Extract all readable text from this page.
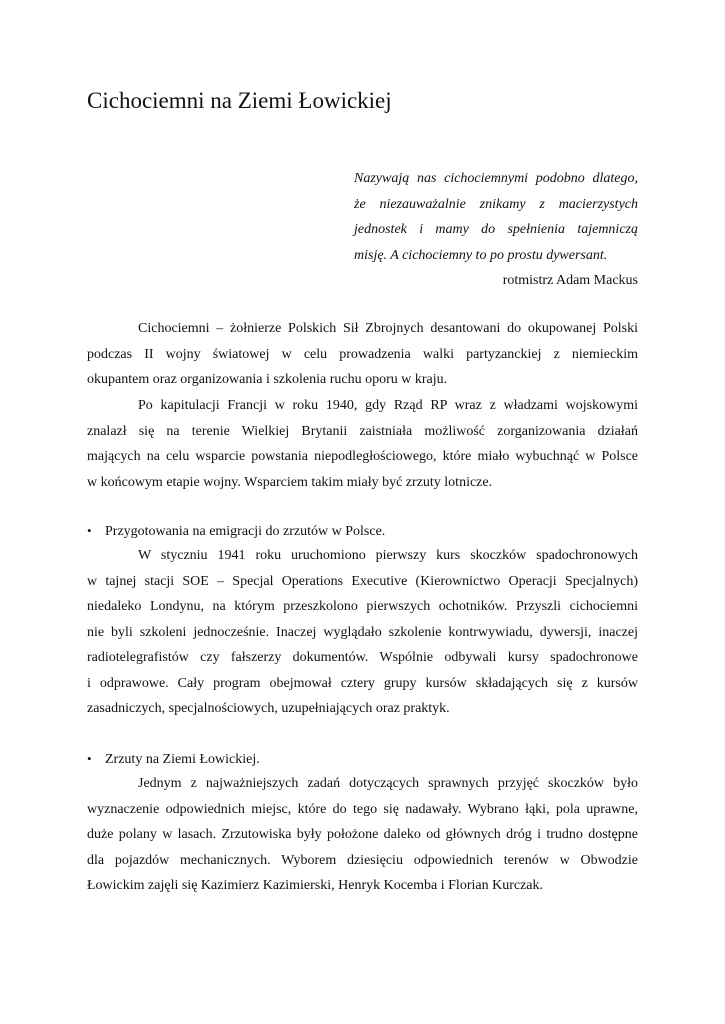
Cichociemni na Ziemi Łowickiej
Nazywają nas cichociemnymi podobno dlatego,
że niezauważalnie znikamy z macierzystych
jednostek i mamy do spełnienia tajemniczą
misję. A cichociemny to po prostu dywersant.
rotmistrz Adam Mackus
Cichociemni – żołnierze Polskich Sił Zbrojnych desantowani do okupowanej Polski
podczas II wojny światowej w celu prowadzenia walki partyzanckiej z niemieckim
okupantem oraz organizowania i szkolenia ruchu oporu w kraju.
Po kapitulacji Francji w roku 1940, gdy Rząd RP wraz z władzami wojskowymi
znalazł się na terenie Wielkiej Brytanii zaistniała możliwość zorganizowania działań
mających na celu wsparcie powstania niepodległościowego, które miało wybuchnąć w Polsce
w końcowym etapie wojny. Wsparciem takim miały być zrzuty lotnicze.
• Przygotowania na emigracji do zrzutów w Polsce.
W styczniu 1941 roku uruchomiono pierwszy kurs skoczków spadochronowych
w tajnej stacji SOE – Specjal Operations Executive (Kierownictwo Operacji Specjalnych)
niedaleko Londynu, na którym przeszkolono pierwszych ochotników. Przyszli cichociemni
nie byli szkoleni jednocześnie. Inaczej wyglądało szkolenie kontrwywiadu, dywersji, inaczej
radiotelegrafistów czy fałszerzy dokumentów. Wspólnie odbywali kursy spadochronowe
i odprawowe. Cały program obejmował cztery grupy kursów składających się z kursów
zasadniczych, specjalnościowych, uzupełniających oraz praktyk.
• Zrzuty na Ziemi Łowickiej.
Jednym z najważniejszych zadań dotyczących sprawnych przyjęć skoczków było
wyznaczenie odpowiednich miejsc, które do tego się nadawały. Wybrano łąki, pola uprawne,
duże polany w lasach. Zrzutowiska były położone daleko od głównych dróg i trudno dostępne
dla pojazdów mechanicznych. Wyborem dziesięciu odpowiednich terenów w Obwodzie
Łowickim zajęli się Kazimierz Kazimierski, Henryk Kocemba i Florian Kurczak.
